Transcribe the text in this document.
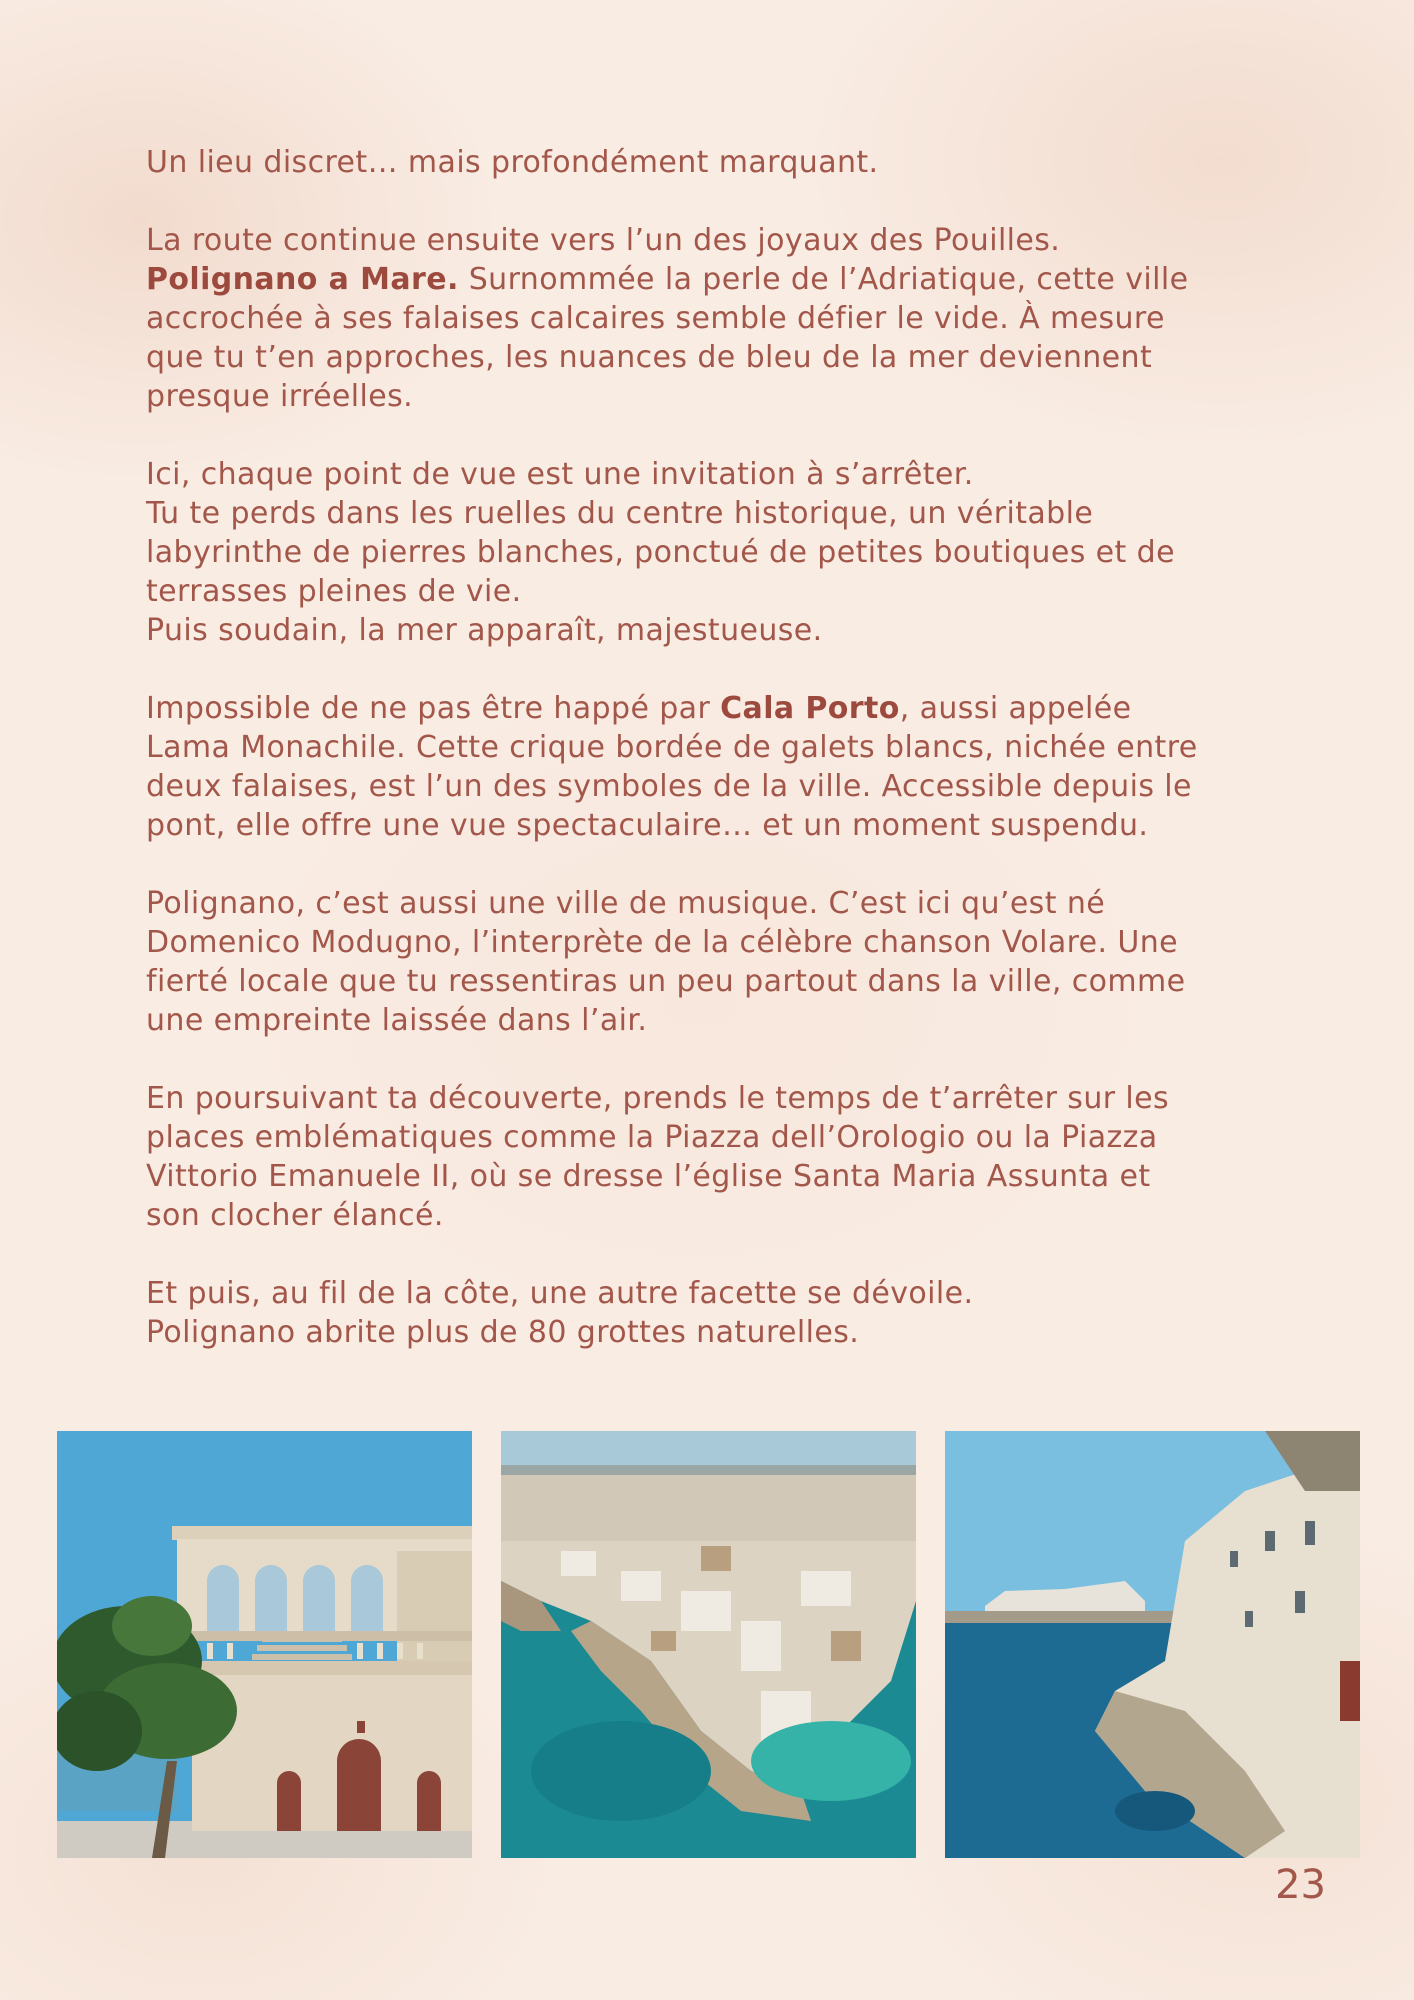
Un lieu discret… mais profondément marquant.

La route continue ensuite vers l’un des joyaux des Pouilles.
Polignano a Mare. Surnommée la perle de l’Adriatique, cette ville
accrochée à ses falaises calcaires semble défier le vide. À mesure
que tu t’en approches, les nuances de bleu de la mer deviennent
presque irréelles.

Ici, chaque point de vue est une invitation à s’arrêter.
Tu te perds dans les ruelles du centre historique, un véritable
labyrinthe de pierres blanches, ponctué de petites boutiques et de
terrasses pleines de vie.
Puis soudain, la mer apparaît, majestueuse.

Impossible de ne pas être happé par Cala Porto, aussi appelée
Lama Monachile. Cette crique bordée de galets blancs, nichée entre
deux falaises, est l’un des symboles de la ville. Accessible depuis le
pont, elle offre une vue spectaculaire… et un moment suspendu.

Polignano, c’est aussi une ville de musique. C’est ici qu’est né
Domenico Modugno, l’interprète de la célèbre chanson Volare. Une
fierté locale que tu ressentiras un peu partout dans la ville, comme
une empreinte laissée dans l’air.

En poursuivant ta découverte, prends le temps de t’arrêter sur les
places emblématiques comme la Piazza dell’Orologio ou la Piazza
Vittorio Emanuele II, où se dresse l’église Santa Maria Assunta et
son clocher élancé.

Et puis, au fil de la côte, une autre facette se dévoile.
Polignano abrite plus de 80 grottes naturelles.

23
